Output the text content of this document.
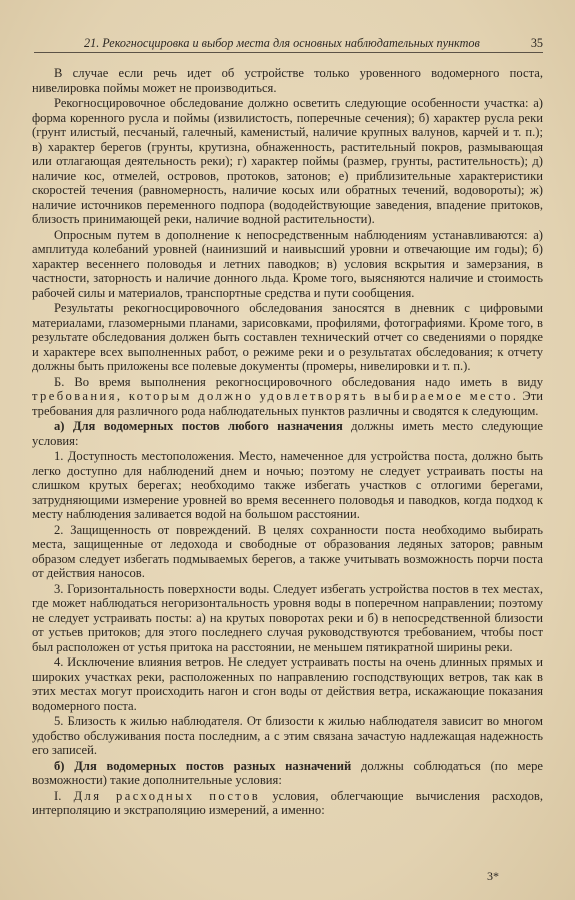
21. Рекогносцировка и выбор места для основных наблюдательных пунктов	35

В случае если речь идет об устройстве только уровенного водомерного поста, нивелировка поймы может не производиться.

Рекогносцировочное обследование должно осветить следующие особенности участка: а) форма коренного русла и поймы (извилистость, поперечные сечения); б) характер русла реки (грунт илистый, песчаный, галечный, каменистый, наличие крупных валунов, карчей и т. п.); в) характер берегов (грунты, крутизна, обнаженность, растительный покров, размывающая или отлагающая деятельность реки); г) характер поймы (размер, грунты, растительность); д) наличие кос, отмелей, островов, протоков, затонов; е) приблизительные характеристики скоростей течения (равномерность, наличие косых или обратных течений, водовороты); ж) наличие источников переменного подпора (вододействующие заведения, впадение притоков, близость принимающей реки, наличие водной растительности).

Опросным путем в дополнение к непосредственным наблюдениям устанавливаются: а) амплитуда колебаний уровней (наинизший и наивысший уровни и отвечающие им годы); б) характер весеннего половодья и летних паводков; в) условия вскрытия и замерзания, в частности, заторность и наличие донного льда. Кроме того, выясняются наличие и стоимость рабочей силы и материалов, транспортные средства и пути сообщения.

Результаты рекогносцировочного обследования заносятся в дневник с цифровыми материалами, глазомерными планами, зарисовками, профилями, фотографиями. Кроме того, в результате обследования должен быть составлен технический отчет со сведениями о порядке и характере всех выполненных работ, о режиме реки и о результатах обследования; к отчету должны быть приложены все полевые документы (промеры, нивелировки и т. п.).

Б. Во время выполнения рекогносцировочного обследования надо иметь в виду требования, которым должно удовлетворять выбираемое место. Эти требования для различного рода наблюдательных пунктов различны и сводятся к следующим.

а) Для водомерных постов любого назначения должны иметь место следующие условия:

1. Доступность местоположения. Место, намеченное для устройства поста, должно быть легко доступно для наблюдений днем и ночью; поэтому не следует устраивать посты на слишком крутых берегах; необходимо также избегать участков с отлогими берегами, затрудняющими измерение уровней во время весеннего половодья и паводков, когда подход к месту наблюдения заливается водой на большом расстоянии.

2. Защищенность от повреждений. В целях сохранности поста необходимо выбирать места, защищенные от ледохода и свободные от образования ледяных заторов; равным образом следует избегать подмываемых берегов, а также учитывать возможность порчи поста от действия наносов.

3. Горизонтальность поверхности воды. Следует избегать устройства постов в тех местах, где может наблюдаться негоризонтальность уровня воды в поперечном направлении; поэтому не следует устраивать посты: а) на крутых поворотах реки и б) в непосредственной близости от устьев притоков; для этого последнего случая руководствуются требованием, чтобы пост был расположен от устья притока на расстоянии, не меньшем пятикратной ширины реки.

4. Исключение влияния ветров. Не следует устраивать посты на очень длинных прямых и широких участках реки, расположенных по направлению господствующих ветров, так как в этих местах могут происходить нагон и сгон воды от действия ветра, искажающие показания водомерного поста.

5. Близость к жилью наблюдателя. От близости к жилью наблюдателя зависит во многом удобство обслуживания поста последним, а с этим связана зачастую надлежащая надежность его записей.

б) Для водомерных постов разных назначений должны соблюдаться (по мере возможности) такие дополнительные условия:

I. Для расходных постов условия, облегчающие вычисления расходов, интерполяцию и экстраполяцию измерений, а именно:

3*
